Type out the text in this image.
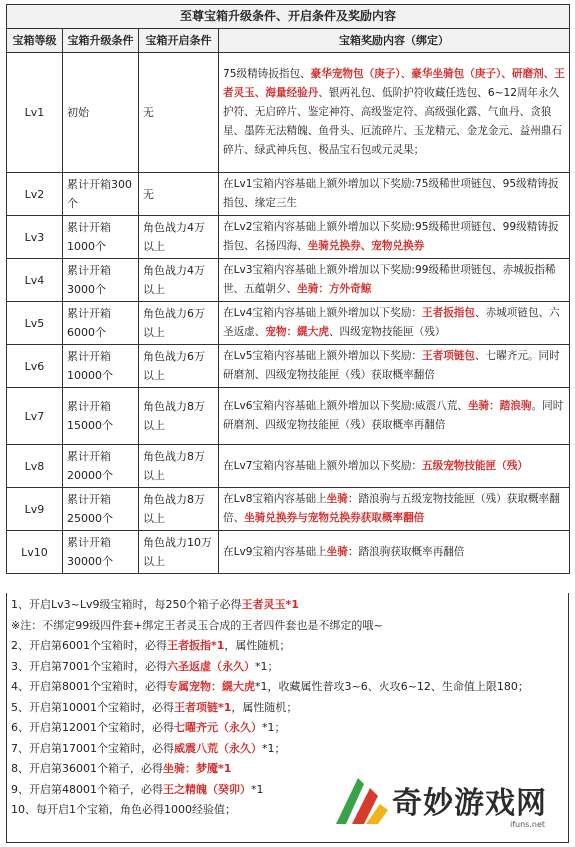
至尊宝箱升级条件、开启条件及奖励内容			
宝箱等级	宝箱升级条件	宝箱开启条件	宝箱奖励内容（绑定）
Lv1	初始	无	75级精铸扳指包、豪华宠物包（庚子）、豪华坐骑包（庚子）、研磨剂、王者灵玉、海量经验丹、银两礼包、低阶护符收藏任选包、6~12周年永久护符、无启碎片、鉴定神符、高级鉴定符、高级强化露、气血丹、贪狼星、墨阵无法精魄、鱼骨头、厄流碎片、玉龙精元、金龙金元、益州鼎石碎片、绿武神兵包、极品宝石包或元灵果；
Lv2	累计开箱300个	无	在Lv1宝箱内容基础上额外增加以下奖励:75级稀世项链包、95级精铸扳指包、缘定三生
Lv3	累计开箱1000个	角色战力4万以上	在Lv2宝箱内容基础上额外增加以下奖励:95级稀世项链包、99级精铸扳指包、名扬四海、坐骑兑换券、宠物兑换券
Lv4	累计开箱3000个	角色战力4万以上	在Lv3宝箱内容基础上额外增加以下奖励:99级稀世项链包、赤城扳指稀世、五蕴朝夕、坐骑：方外奇鲸
Lv5	累计开箱6000个	角色战力6万以上	在Lv4宝箱内容基础上额外增加以下奖励：王者扳指包、赤城项链包、六圣返虚、宠物：繉大虎、四级宠物技能匣（残）
Lv6	累计开箱10000个	角色战力6万以上	在Lv5宝箱内容基础上额外增加以下奖励：王者项链包、七曜齐元。同时研磨剂、四级宠物技能匣（残）获取概率翻倍
Lv7	累计开箱15000个	角色战力8万以上	在Lv6宝箱内容基础上额外增加以下奖励:威震八荒、坐骑：踏浪驹。同时研磨剂、四级宠物技能匣（残）获取概率再翻倍
Lv8	累计开箱20000个	角色战力8万以上	在Lv7宝箱内容基础上额外增加以下奖励：五级宠物技能匣（残）
Lv9	累计开箱25000个	角色战力8万以上	在Lv8宝箱内容基础上坐骑：踏浪驹与五级宠物技能匣（残）获取概率翻倍、坐骑兑换券与宠物兑换券获取概率翻倍
Lv10	累计开箱30000个	角色战力10万以上	在Lv9宝箱内容基础上坐骑：踏浪驹获取概率再翻倍
1、开启Lv3~Lv9级宝箱时，每250个箱子必得王者灵玉*1
※注：不绑定99级四件套+绑定王者灵玉合成的王者四件套也是不绑定的哦~
2、开启第6001个宝箱时，必得王者扳指*1，属性随机；
3、开启第7001个宝箱时，必得六圣返虚（永久）*1；
4、开启第8001个宝箱时，必得专属宠物：繉大虎*1，收藏属性普攻3~6、火攻6~12、生命值上限180；
5、开启第10001个宝箱时，必得王者项链*1，属性随机；
6、开启第12001个宝箱时，必得七曜齐元（永久）*1；
7、开启第17001个宝箱时，必得威震八荒（永久）*1；
8、开启第36001个箱子，必得坐骑：梦魇*1
9、开启第48001个箱子，必得王之精魄（癸卯）*1
10、每开启1个宝箱，角色必得1000经验值；	奇妙游戏网
ifuns.net
